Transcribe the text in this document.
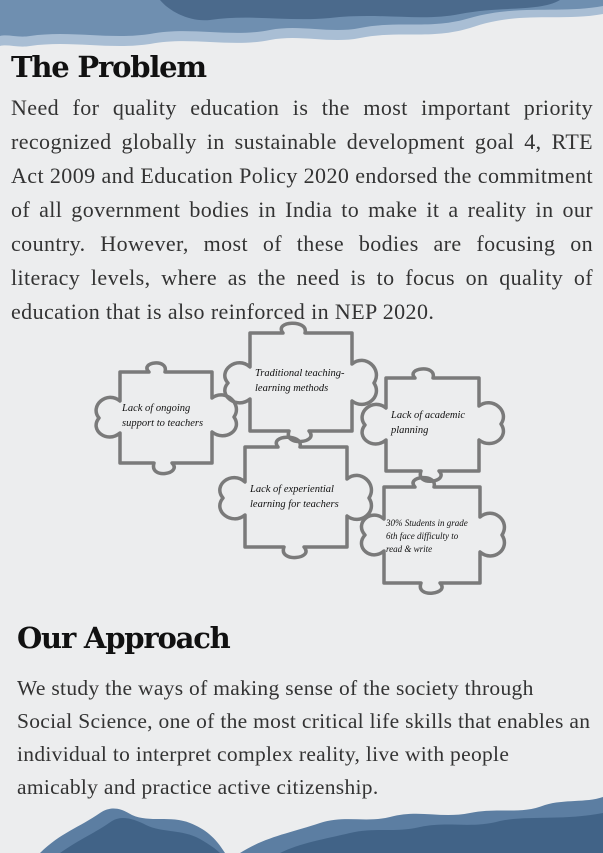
The Problem

Need for quality education is the most important priority recognized globally in sustainable development goal 4, RTE Act 2009 and Education Policy 2020 endorsed the commitment of all government bodies in India to make it a reality in our country. However, most of these bodies are focusing on literacy levels, where as the need is to focus on quality of education that is also reinforced in NEP 2020.

Lack of ongoing support to teachers
Traditional teaching-learning methods
Lack of academic planning
Lack of experiential learning for teachers
30% Students in grade 6th face difficulty to read & write
Our Approach

We study the ways of making sense of the society through Social Science, one of the most critical life skills that enables an individual to interpret complex reality, live with people amicably and practice active citizenship.
